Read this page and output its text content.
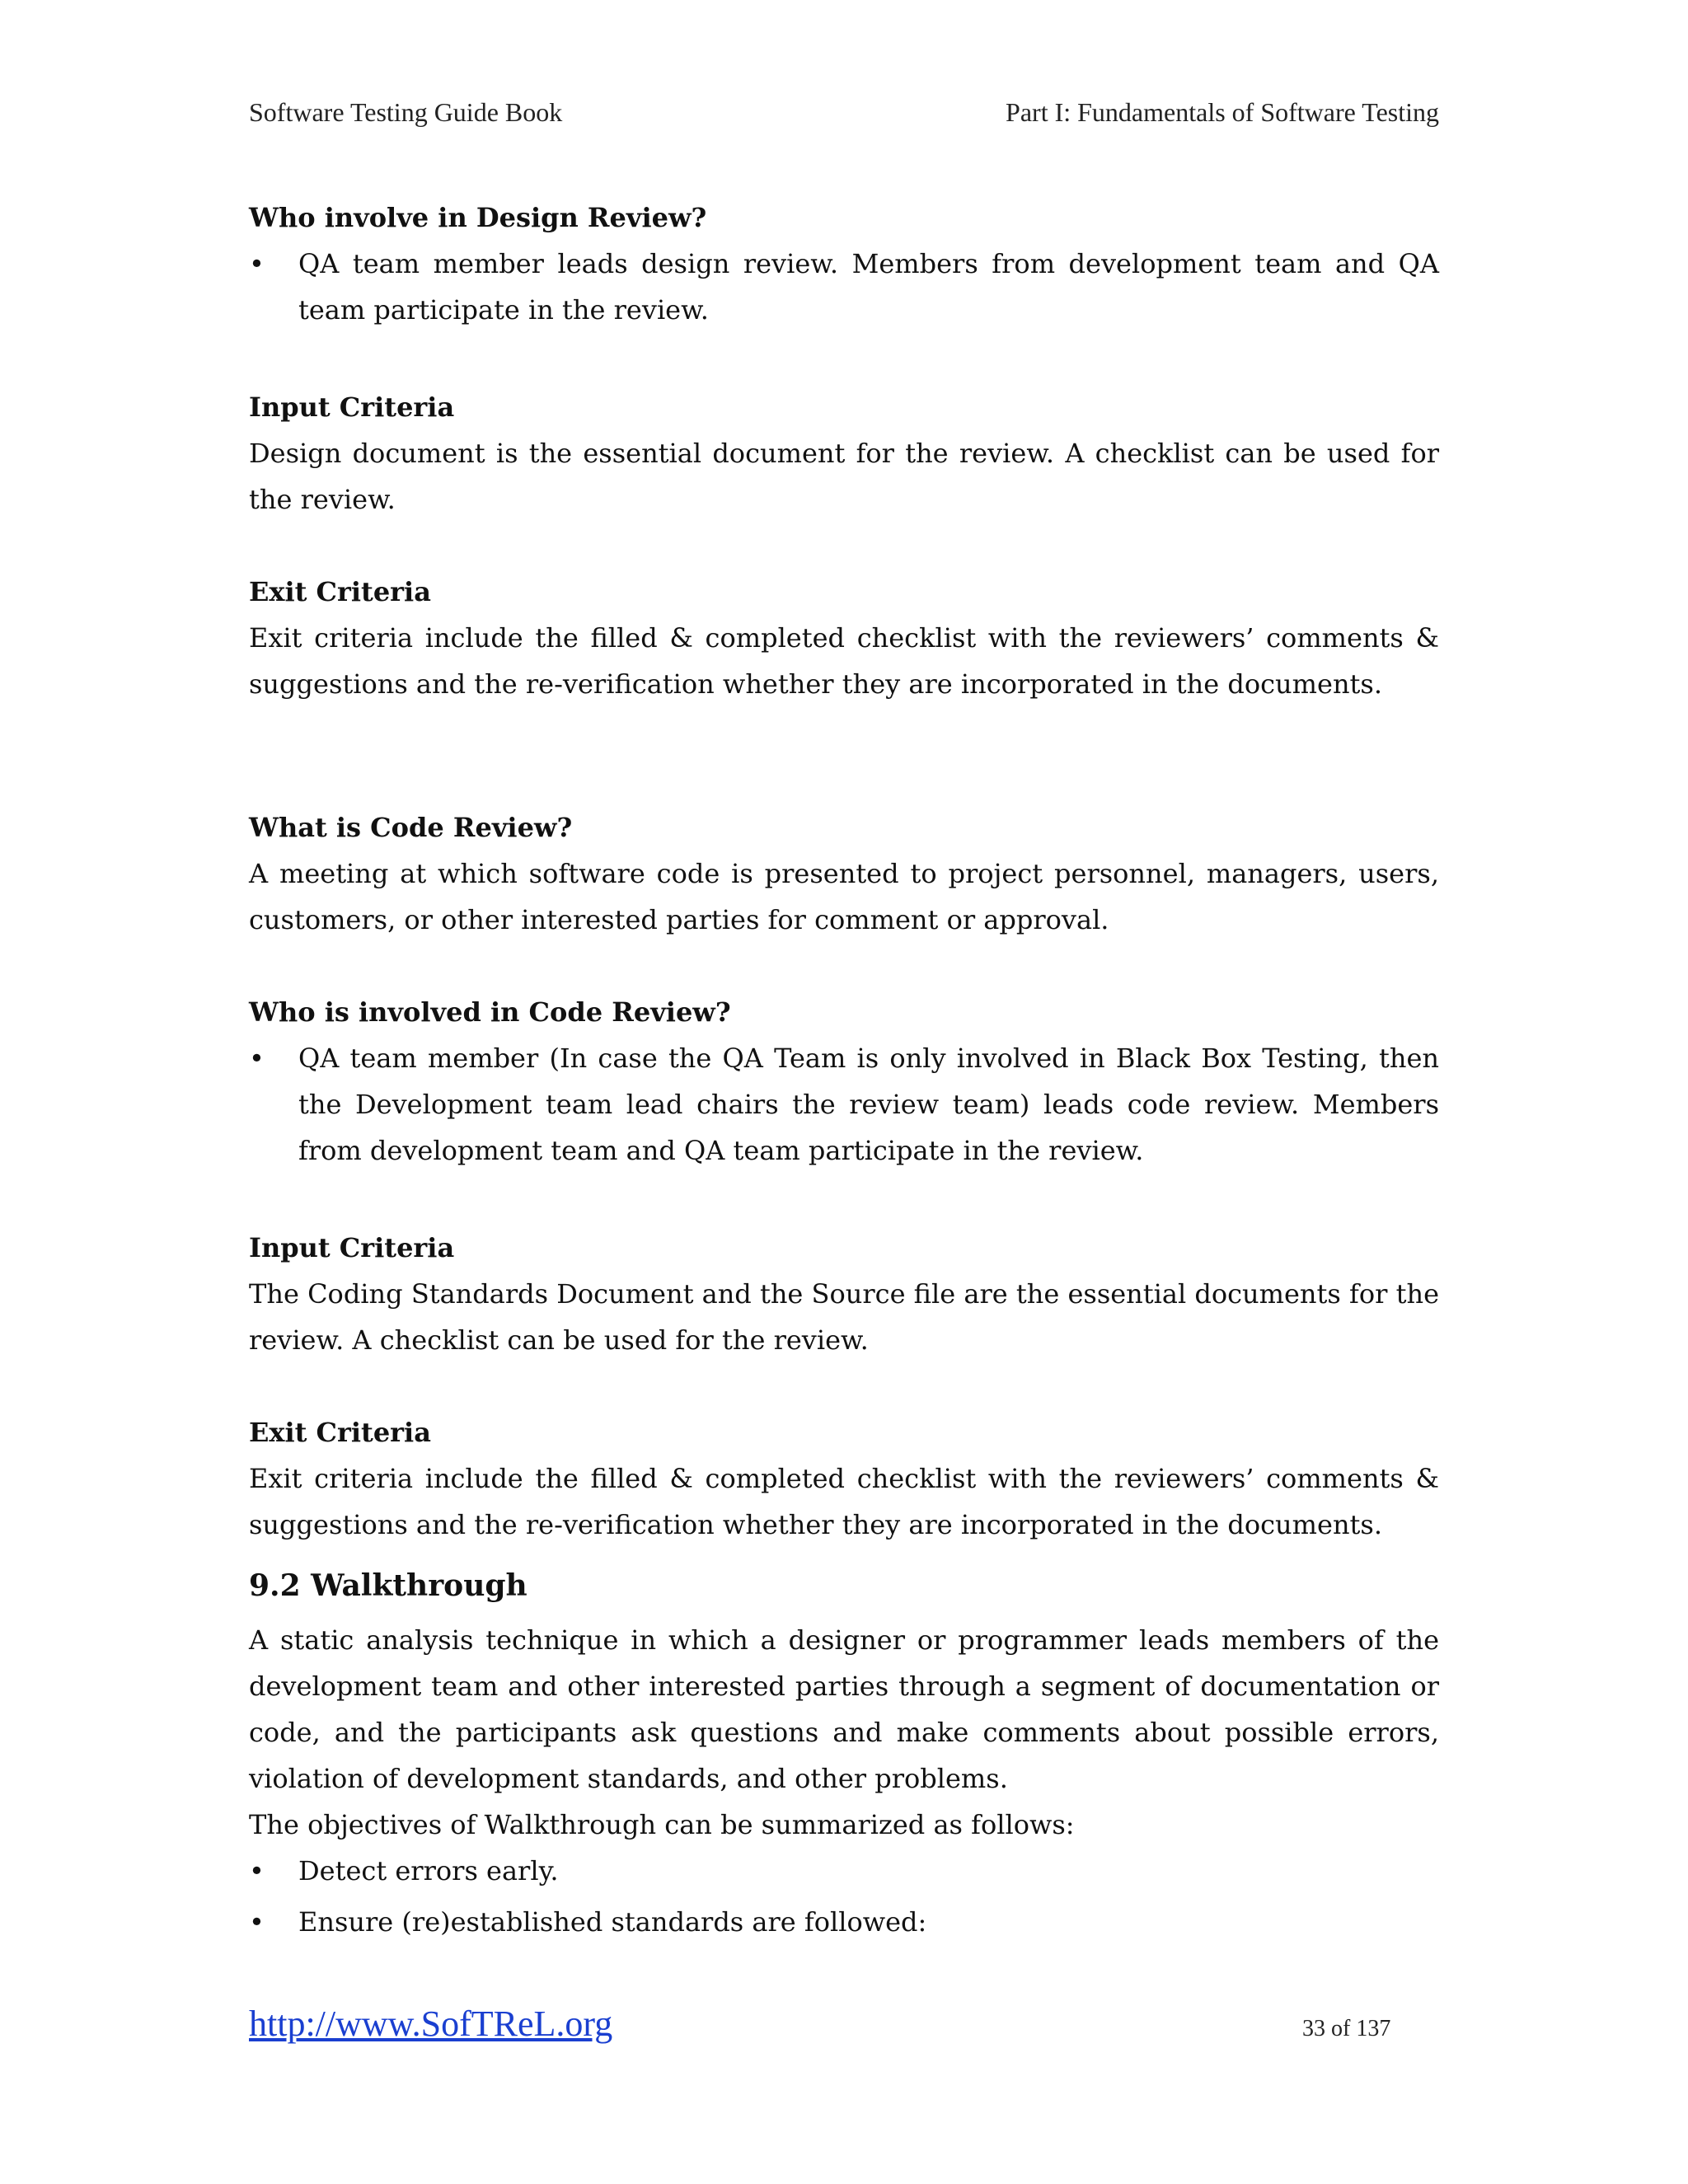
Software Testing Guide Book	Part I: Fundamentals of Software Testing
Who involve in Design Review?
• QA team member leads design review. Members from development team and QA team participate in the review.
Input Criteria

Design document is the essential document for the review. A checklist can be used for the review.

Exit Criteria

Exit criteria include the filled & completed checklist with the reviewers’ comments & suggestions and the re-verification whether they are incorporated in the documents.

What is Code Review?

A meeting at which software code is presented to project personnel, managers, users, customers, or other interested parties for comment or approval.

Who is involved in Code Review?
• QA team member (In case the QA Team is only involved in Black Box Testing, then the Development team lead chairs the review team) leads code review. Members from development team and QA team participate in the review.
Input Criteria

The Coding Standards Document and the Source file are the essential documents for the review. A checklist can be used for the review.

Exit Criteria

Exit criteria include the filled & completed checklist with the reviewers’ comments & suggestions and the re-verification whether they are incorporated in the documents.

9.2 Walkthrough

A static analysis technique in which a designer or programmer leads members of the development team and other interested parties through a segment of documentation or code, and the participants ask questions and make comments about possible errors, violation of development standards, and other problems.

The objectives of Walkthrough can be summarized as follows:

• Detect errors early.
• Ensure (re)established standards are followed:
http://www.SofTReL.org	33 of 137
